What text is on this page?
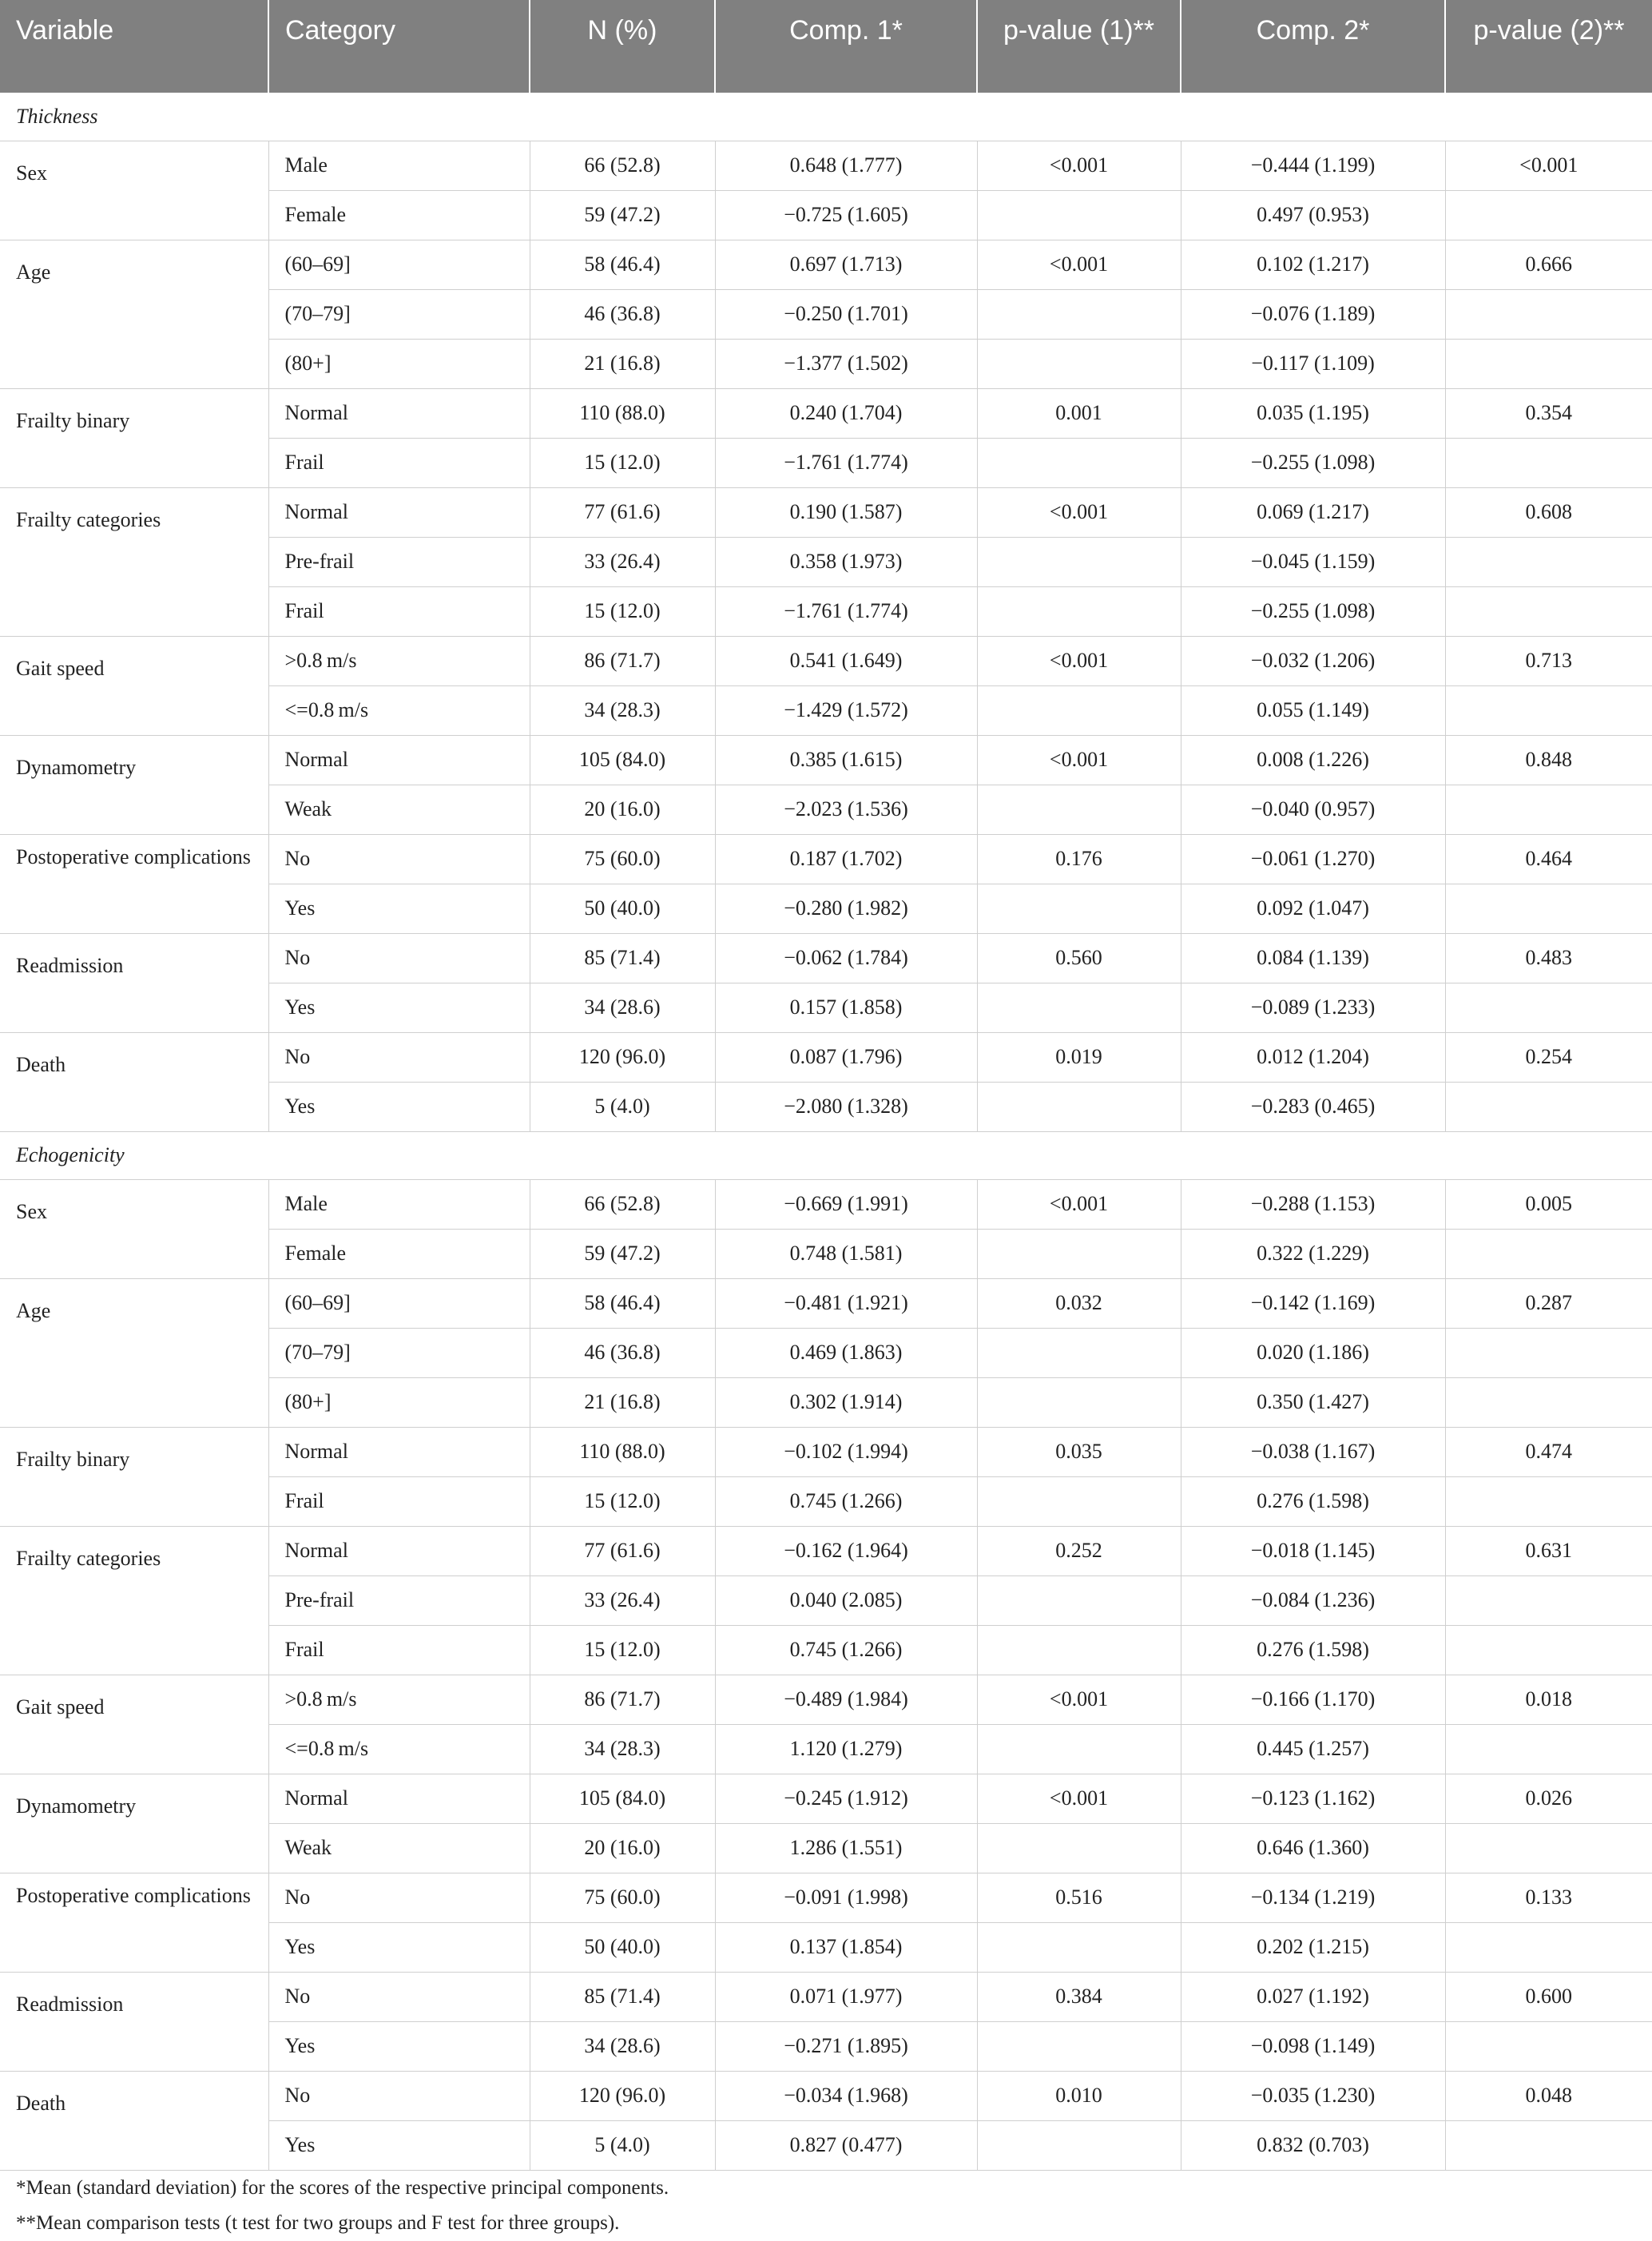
Variable	Category	N (%)	Comp. 1*	p-value (1)**	Comp. 2*	p-value (2)**
Thickness						
Sex	Male	66 (52.8)	0.648 (1.777)	<0.001	−0.444 (1.199)	<0.001
	Female	59 (47.2)	−0.725 (1.605)		0.497 (0.953)	
Age	(60–69]	58 (46.4)	0.697 (1.713)	<0.001	0.102 (1.217)	0.666
	(70–79]	46 (36.8)	−0.250 (1.701)		−0.076 (1.189)	
	(80+]	21 (16.8)	−1.377 (1.502)		−0.117 (1.109)	
Frailty binary	Normal	110 (88.0)	0.240 (1.704)	0.001	0.035 (1.195)	0.354
	Frail	15 (12.0)	−1.761 (1.774)		−0.255 (1.098)	
Frailty categories	Normal	77 (61.6)	0.190 (1.587)	<0.001	0.069 (1.217)	0.608
	Pre-frail	33 (26.4)	0.358 (1.973)		−0.045 (1.159)	
	Frail	15 (12.0)	−1.761 (1.774)		−0.255 (1.098)	
Gait speed	>0.8 m/s	86 (71.7)	0.541 (1.649)	<0.001	−0.032 (1.206)	0.713
	<=0.8 m/s	34 (28.3)	−1.429 (1.572)		0.055 (1.149)	
Dynamometry	Normal	105 (84.0)	0.385 (1.615)	<0.001	0.008 (1.226)	0.848
	Weak	20 (16.0)	−2.023 (1.536)		−0.040 (0.957)	
Postoperative complications	No	75 (60.0)	0.187 (1.702)	0.176	−0.061 (1.270)	0.464
	Yes	50 (40.0)	−0.280 (1.982)		0.092 (1.047)	
Readmission	No	85 (71.4)	−0.062 (1.784)	0.560	0.084 (1.139)	0.483
	Yes	34 (28.6)	0.157 (1.858)		−0.089 (1.233)	
Death	No	120 (96.0)	0.087 (1.796)	0.019	0.012 (1.204)	0.254
	Yes	5 (4.0)	−2.080 (1.328)		−0.283 (0.465)	
Echogenicity						
Sex	Male	66 (52.8)	−0.669 (1.991)	<0.001	−0.288 (1.153)	0.005
	Female	59 (47.2)	0.748 (1.581)		0.322 (1.229)	
Age	(60–69]	58 (46.4)	−0.481 (1.921)	0.032	−0.142 (1.169)	0.287
	(70–79]	46 (36.8)	0.469 (1.863)		0.020 (1.186)	
	(80+]	21 (16.8)	0.302 (1.914)		0.350 (1.427)	
Frailty binary	Normal	110 (88.0)	−0.102 (1.994)	0.035	−0.038 (1.167)	0.474
	Frail	15 (12.0)	0.745 (1.266)		0.276 (1.598)	
Frailty categories	Normal	77 (61.6)	−0.162 (1.964)	0.252	−0.018 (1.145)	0.631
	Pre-frail	33 (26.4)	0.040 (2.085)		−0.084 (1.236)	
	Frail	15 (12.0)	0.745 (1.266)		0.276 (1.598)	
Gait speed	>0.8 m/s	86 (71.7)	−0.489 (1.984)	<0.001	−0.166 (1.170)	0.018
	<=0.8 m/s	34 (28.3)	1.120 (1.279)		0.445 (1.257)	
Dynamometry	Normal	105 (84.0)	−0.245 (1.912)	<0.001	−0.123 (1.162)	0.026
	Weak	20 (16.0)	1.286 (1.551)		0.646 (1.360)	
Postoperative complications	No	75 (60.0)	−0.091 (1.998)	0.516	−0.134 (1.219)	0.133
	Yes	50 (40.0)	0.137 (1.854)		0.202 (1.215)	
Readmission	No	85 (71.4)	0.071 (1.977)	0.384	0.027 (1.192)	0.600
	Yes	34 (28.6)	−0.271 (1.895)		−0.098 (1.149)	
Death	No	120 (96.0)	−0.034 (1.968)	0.010	−0.035 (1.230)	0.048
	Yes	5 (4.0)	0.827 (0.477)		0.832 (0.703)	
*Mean (standard deviation) for the scores of the respective principal components.
**Mean comparison tests (t test for two groups and F test for three groups).
